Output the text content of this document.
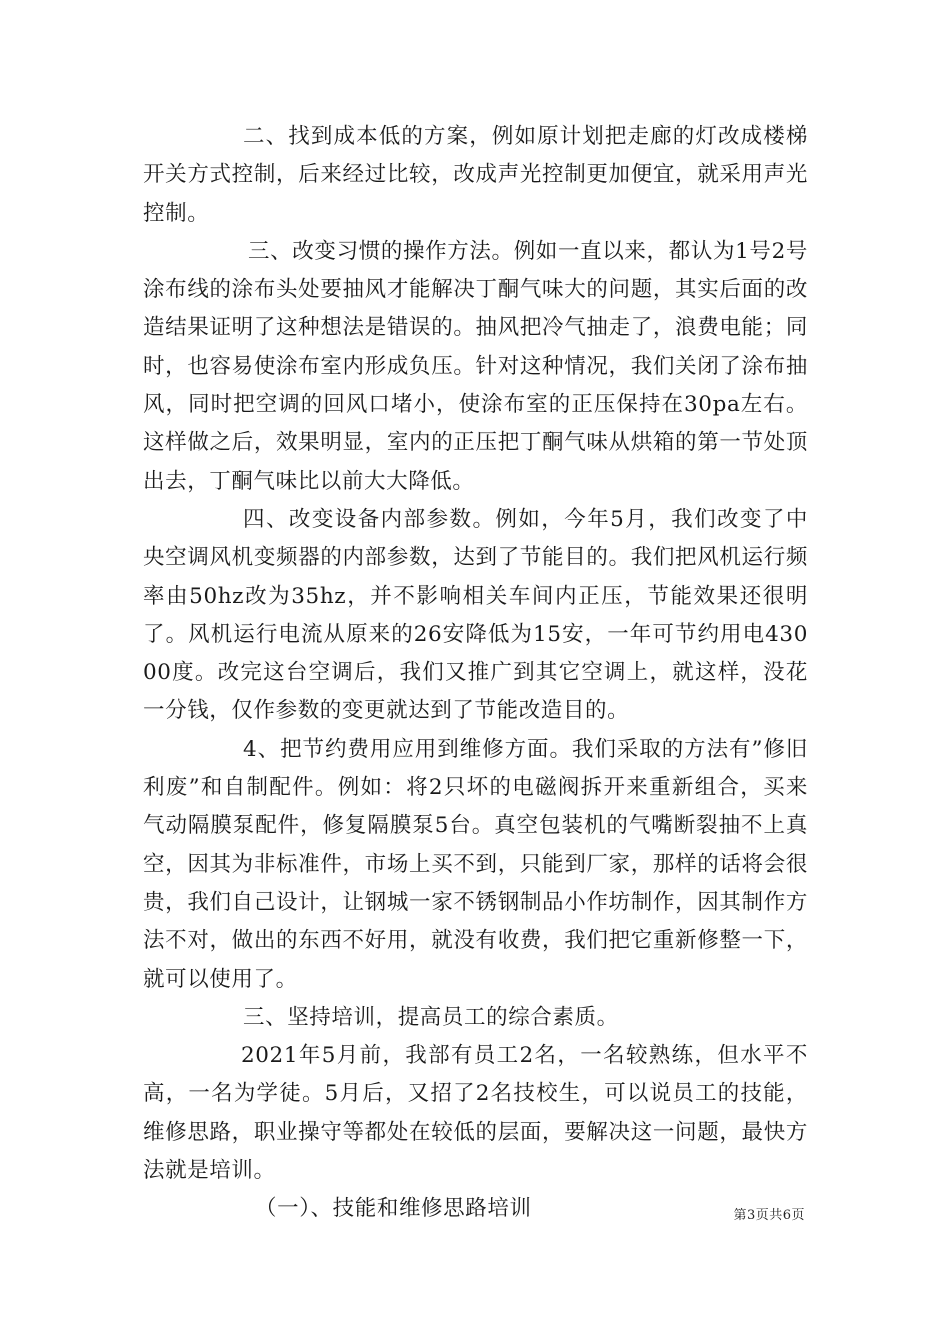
二、找到成本低的方案，例如原计划把走廊的灯改成楼梯开关方式控制，后来经过比较，改成声光控制更加便宜，就采用声光控制。

三、改变习惯的操作方法。例如一直以来，都认为1号2号涂布线的涂布头处要抽风才能解决丁酮气味大的问题，其实后面的改造结果证明了这种想法是错误的。抽风把冷气抽走了，浪费电能；同时，也容易使涂布室内形成负压。针对这种情况，我们关闭了涂布抽风，同时把空调的回风口堵小，使涂布室的正压保持在30pa左右。这样做之后，效果明显，室内的正压把丁酮气味从烘箱的第一节处顶出去，丁酮气味比以前大大降低。

四、改变设备内部参数。例如，今年5月，我们改变了中央空调风机变频器的内部参数，达到了节能目的。我们把风机运行频率由50hz改为35hz，并不影响相关车间内正压，节能效果还很明了。风机运行电流从原来的26安降低为15安，一年可节约用电43000度。改完这台空调后，我们又推广到其它空调上，就这样，没花一分钱，仅作参数的变更就达到了节能改造目的。

4、把节约费用应用到维修方面。我们采取的方法有”修旧利废”和自制配件。例如：将2只坏的电磁阀拆开来重新组合，买来气动隔膜泵配件，修复隔膜泵5台。真空包装机的气嘴断裂抽不上真空，因其为非标准件，市场上买不到，只能到厂家，那样的话将会很贵，我们自己设计，让钢城一家不锈钢制品小作坊制作，因其制作方法不对，做出的东西不好用，就没有收费，我们把它重新修整一下，就可以使用了。

三、坚持培训，提高员工的综合素质。

2021年5月前，我部有员工2名，一名较熟练，但水平不高，一名为学徒。5月后，又招了2名技校生，可以说员工的技能，维修思路，职业操守等都处在较低的层面，要解决这一问题，最快方法就是培训。

（一）、技能和维修思路培训	第3页共6页
